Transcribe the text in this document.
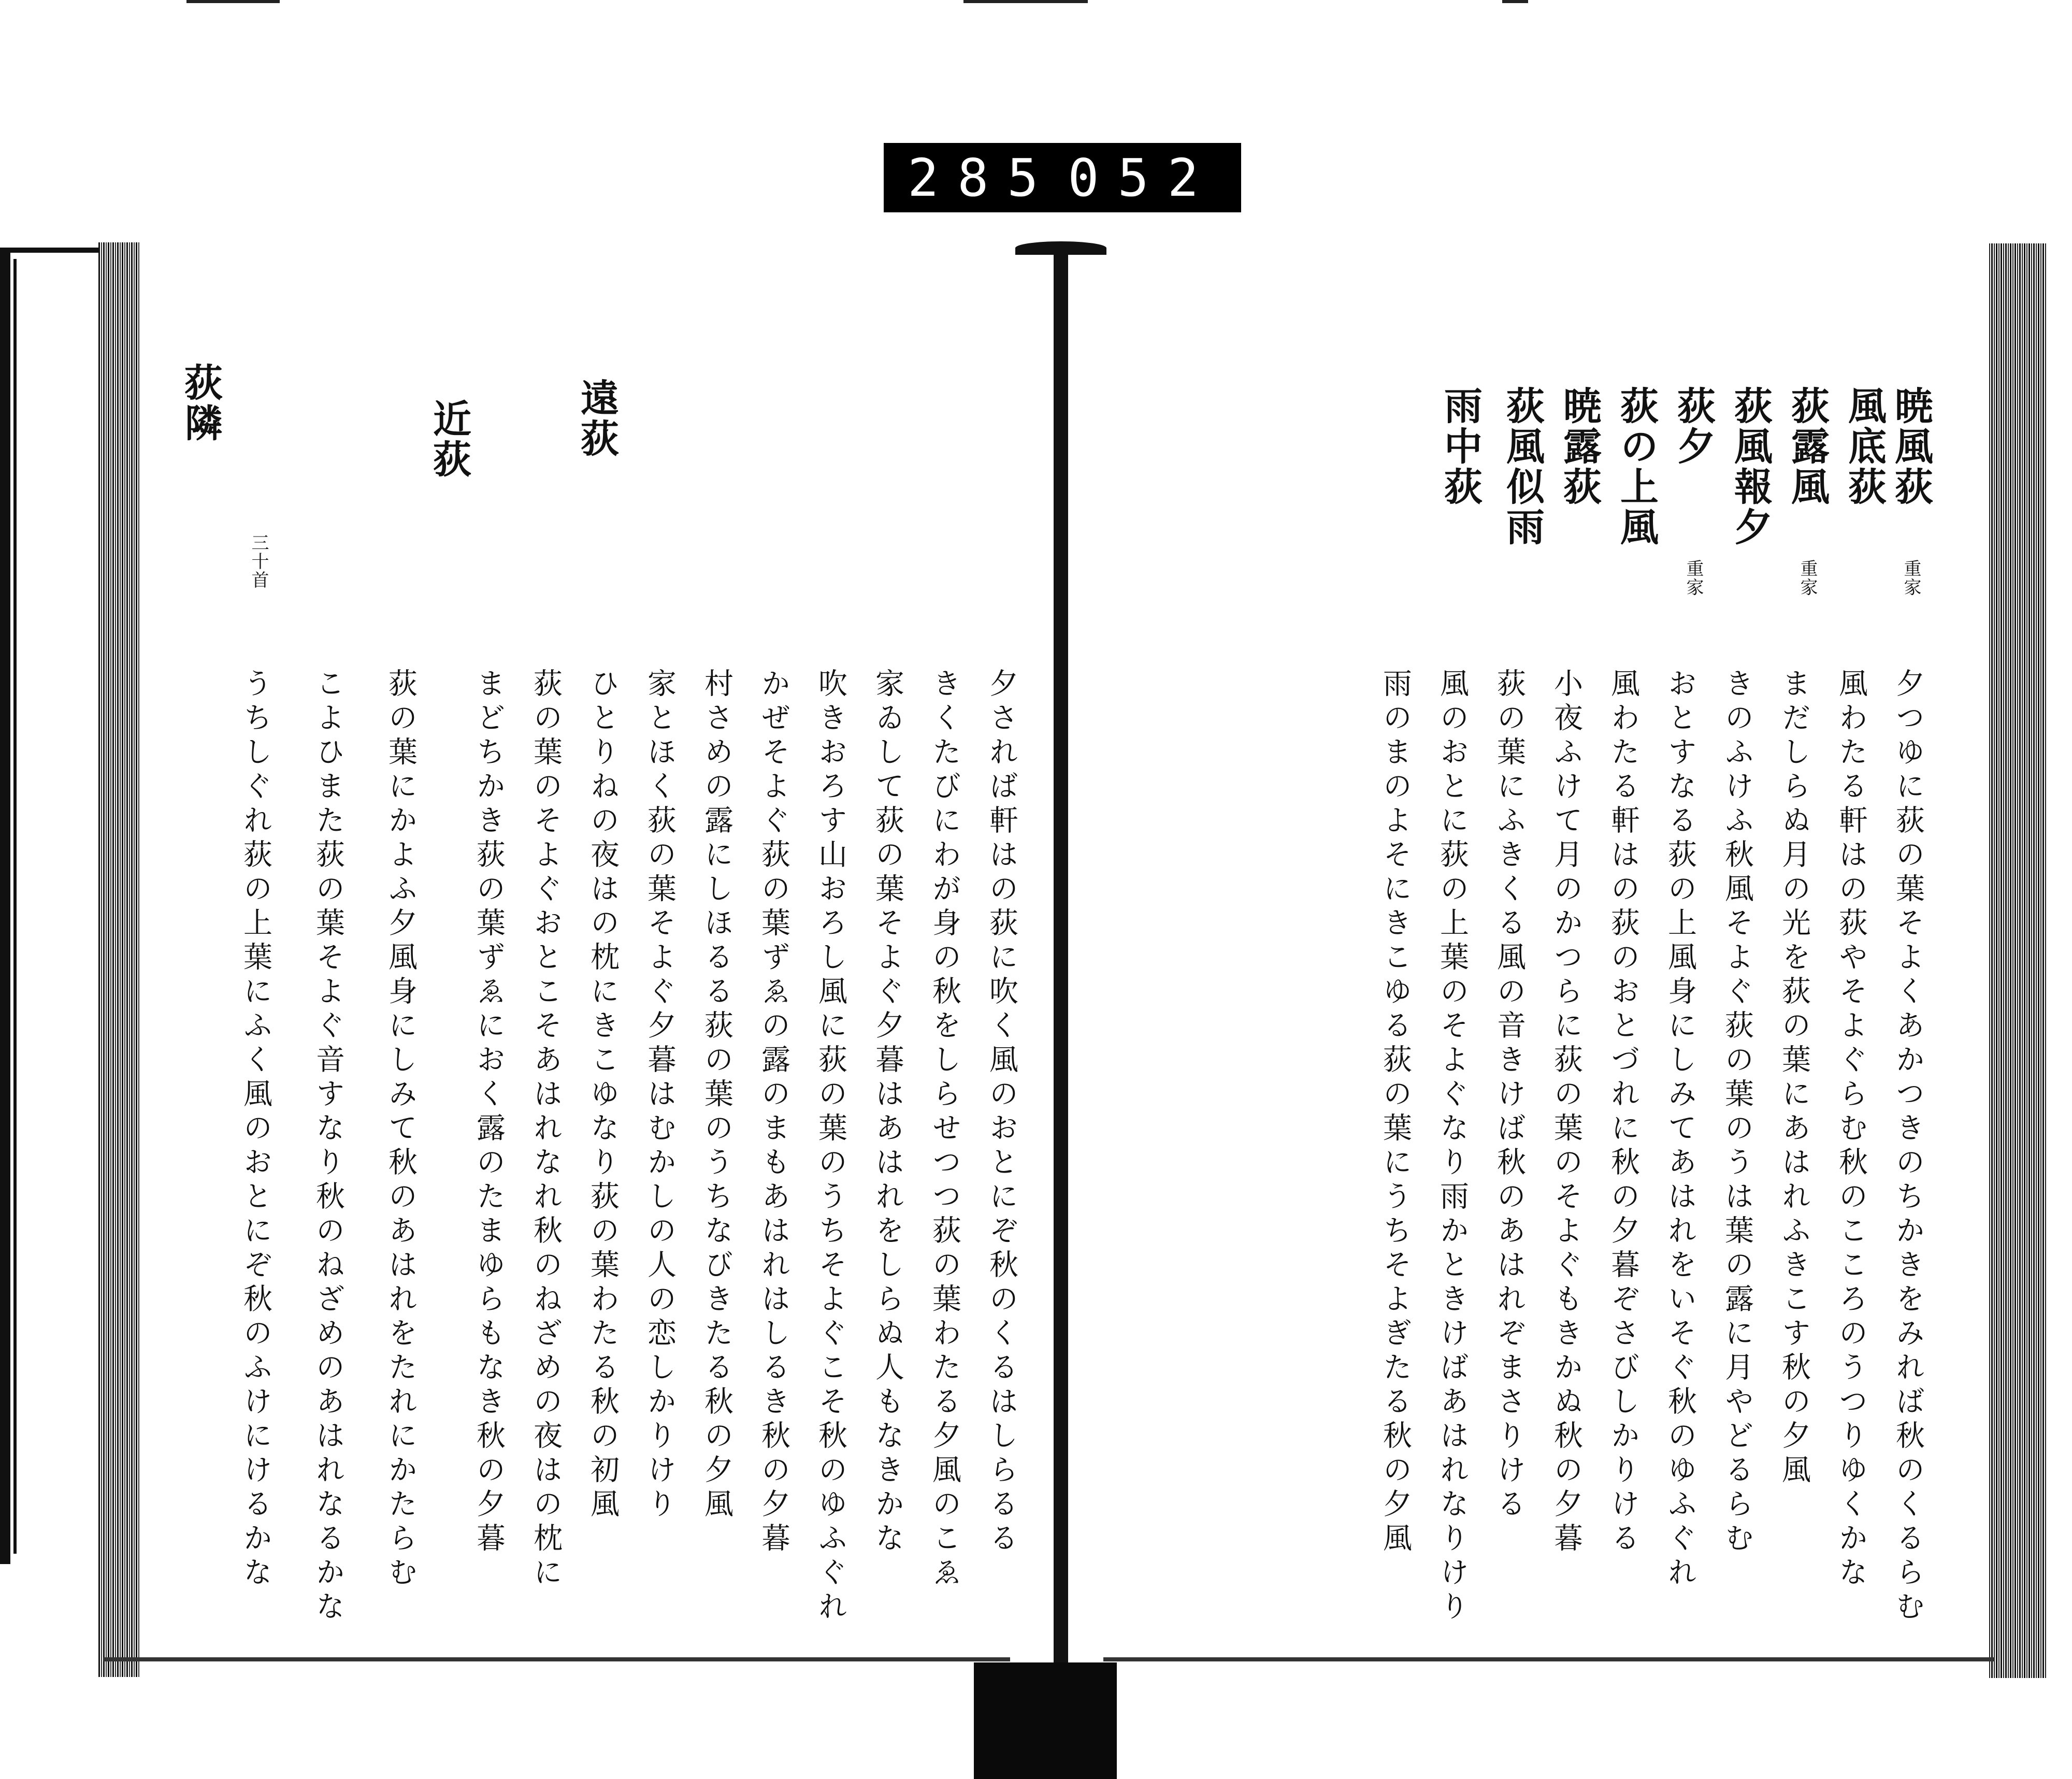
285 052
暁風荻
重家
風底荻
荻露風
重家
荻風報夕
荻夕
重家
荻の上風
暁露荻
荻風似雨
雨中荻
夕つゆに荻の葉そよくあかつきのちかきをみれば秋のくるらむ
風わたる軒はの荻やそよぐらむ秋のこころのうつりゆくかな
まだしらぬ月の光を荻の葉にあはれふきこす秋の夕風
きのふけふ秋風そよぐ荻の葉のうは葉の露に月やどるらむ
おとすなる荻の上風身にしみてあはれをいそぐ秋のゆふぐれ
風わたる軒はの荻のおとづれに秋の夕暮ぞさびしかりける
小夜ふけて月のかつらに荻の葉のそよぐもきかぬ秋の夕暮
荻の葉にふきくる風の音きけば秋のあはれぞまさりける
風のおとに荻の上葉のそよぐなり雨かときけばあはれなりけり
雨のまのよそにきこゆる荻の葉にうちそよぎたる秋の夕風
遠荻
近荻
荻隣
三十首
夕されば軒はの荻に吹く風のおとにぞ秋のくるはしらるる
きくたびにわが身の秋をしらせつつ荻の葉わたる夕風のこゑ
家ゐして荻の葉そよぐ夕暮はあはれをしらぬ人もなきかな
吹きおろす山おろし風に荻の葉のうちそよぐこそ秋のゆふぐれ
かぜそよぐ荻の葉ずゑの露のまもあはれはしるき秋の夕暮
村さめの露にしほるる荻の葉のうちなびきたる秋の夕風
家とほく荻の葉そよぐ夕暮はむかしの人の恋しかりけり
ひとりねの夜はの枕にきこゆなり荻の葉わたる秋の初風
荻の葉のそよぐおとこそあはれなれ秋のねざめの夜はの枕に
まどちかき荻の葉ずゑにおく露のたまゆらもなき秋の夕暮
荻の葉にかよふ夕風身にしみて秋のあはれをたれにかたらむ
こよひまた荻の葉そよぐ音すなり秋のねざめのあはれなるかな
うちしぐれ荻の上葉にふく風のおとにぞ秋のふけにけるかな
